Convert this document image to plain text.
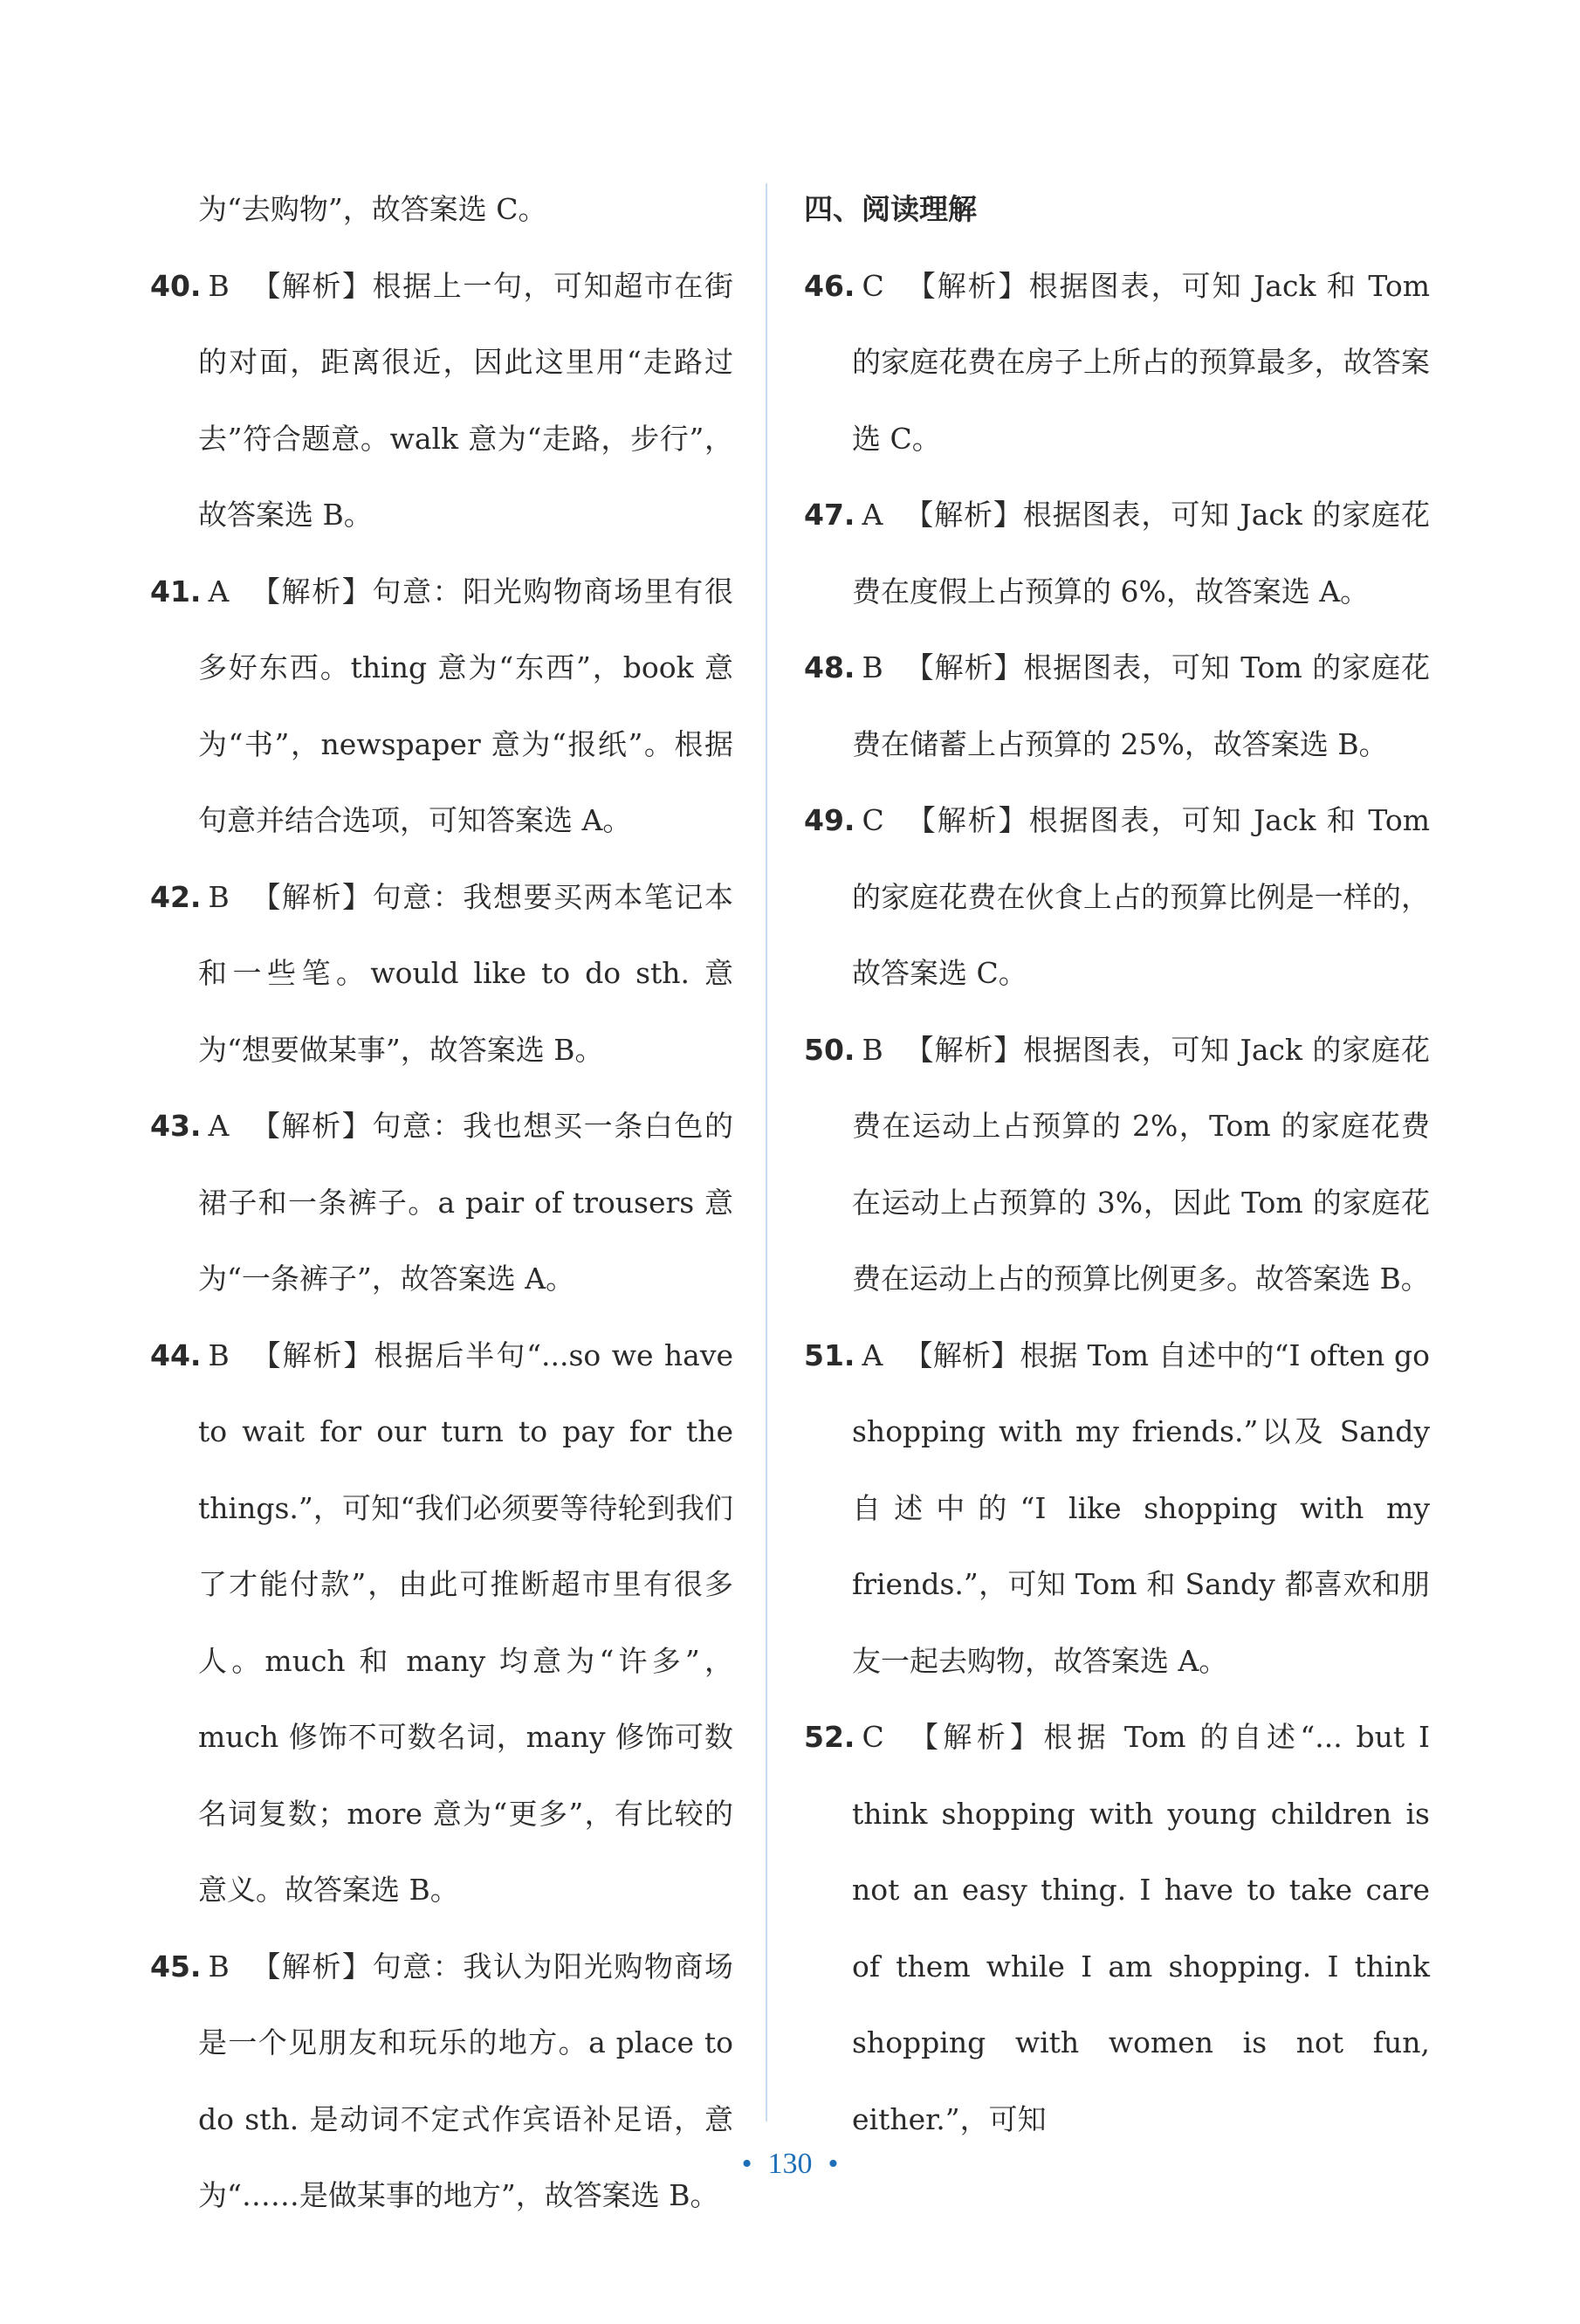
为“去购物”，故答案选 C。

40. B 【解析】根据上一句，可知超市在街的对面，距离很近，因此这里用“走路过去”符合题意。walk 意为“走路，步行”，故答案选 B。

41. A 【解析】句意：阳光购物商场里有很多好东西。thing 意为“东西”，book 意为“书”，newspaper 意为“报纸”。根据句意并结合选项，可知答案选 A。

42. B 【解析】句意：我想要买两本笔记本和一些笔。would like to do sth. 意为“想要做某事”，故答案选 B。

43. A 【解析】句意：我也想买一条白色的裙子和一条裤子。a pair of trousers 意为“一条裤子”，故答案选 A。

44. B 【解析】根据后半句“...so we have to wait for our turn to pay for the things.”，可知“我们必须要等待轮到我们了才能付款”，由此可推断超市里有很多人。much 和 many 均意为“许多”，much 修饰不可数名词，many 修饰可数名词复数；more 意为“更多”，有比较的意义。故答案选 B。

45. B 【解析】句意：我认为阳光购物商场是一个见朋友和玩乐的地方。a place to do sth. 是动词不定式作宾语补足语，意为“……是做某事的地方”，故答案选 B。

四、阅读理解

46. C 【解析】根据图表，可知 Jack 和 Tom 的家庭花费在房子上所占的预算最多，故答案选 C。

47. A 【解析】根据图表，可知 Jack 的家庭花费在度假上占预算的 6%，故答案选 A。

48. B 【解析】根据图表，可知 Tom 的家庭花费在储蓄上占预算的 25%，故答案选 B。

49. C 【解析】根据图表，可知 Jack 和 Tom 的家庭花费在伙食上占的预算比例是一样的，故答案选 C。

50. B 【解析】根据图表，可知 Jack 的家庭花费在运动上占预算的 2%，Tom 的家庭花费在运动上占预算的 3%，因此 Tom 的家庭花费在运动上占的预算比例更多。故答案选 B。

51. A 【解析】根据 Tom 自述中的“I often go shopping with my friends.”以及 Sandy 自述中的“I like shopping with my friends.”，可知 Tom 和 Sandy 都喜欢和朋友一起去购物，故答案选 A。

52. C 【解析】根据 Tom 的自述“... but I think shopping with young children is not an easy thing. I have to take care of them while I am shopping. I think shopping with women is not fun, either.”，可知

• 130 •
